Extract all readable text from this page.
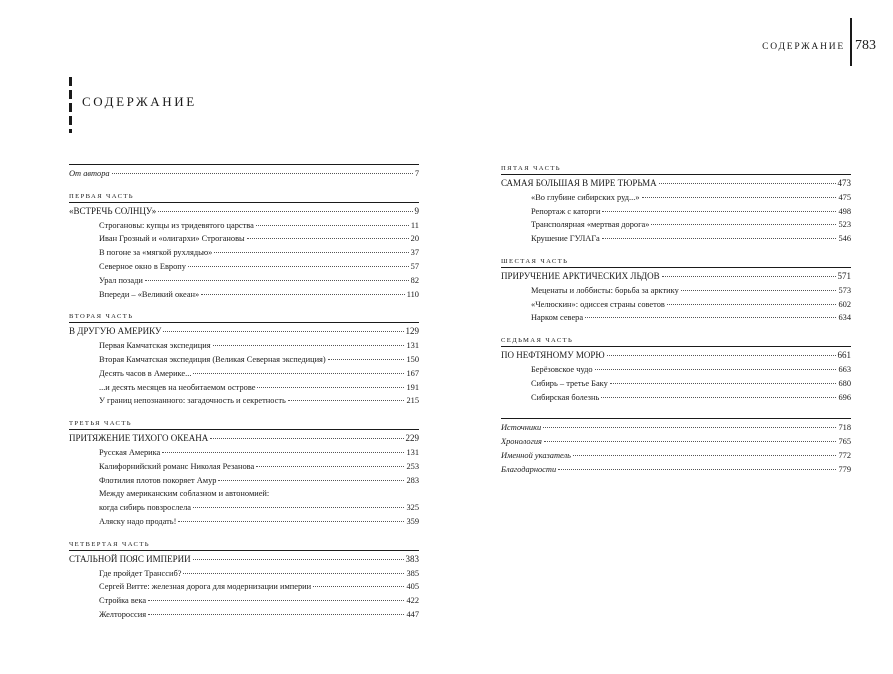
СОДЕРЖАНИЕ 783
СОДЕРЖАНИЕ
От автора	7
ПЕРВАЯ ЧАСТЬ
«ВСТРЕЧЬ СОЛНЦУ»	9
Строгановы: купцы из тридевятого царства	11
Иван Грозный и «олигархи» Строгановы	20
В погоне за «мягкой рухлядью»	37
Северное окно в Европу	57
Урал позади	82
Впереди – «Великий океан»	110
ВТОРАЯ ЧАСТЬ
В ДРУГУЮ АМЕРИКУ	129
Первая Камчатская экспедиция	131
Вторая Камчатская экспедиция (Великая Северная экспедиция)	150
Десять часов в Америке...	167
...и десять месяцев на необитаемом острове	191
У границ непознанного: загадочность и секретность	215
ТРЕТЬЯ ЧАСТЬ
ПРИТЯЖЕНИЕ ТИХОГО ОКЕАНА	229
Русская Америка	131
Калифорнийский романс Николая Резанова	253
Флотилия плотов покоряет Амур	283
Между американским соблазном и автономией:
когда сибирь повзрослела	325
Аляску надо продать!	359
ЧЕТВЕРТАЯ ЧАСТЬ
СТАЛЬНОЙ ПОЯС ИМПЕРИИ	383
Где пройдет Транссиб?	385
Сергей Витте: железная дорога для модернизации империи	405
Стройка века	422
Желтороссия	447
ПЯТАЯ ЧАСТЬ
САМАЯ БОЛЬШАЯ В МИРЕ ТЮРЬМА	473
«Во глубине сибирских руд...»	475
Репортаж с каторги	498
Трансполярная «мертвая дорога»	523
Крушение ГУЛАГа	546
ШЕСТАЯ ЧАСТЬ
ПРИРУЧЕНИЕ АРКТИЧЕСКИХ ЛЬДОВ	571
Меценаты и лоббисты: борьба за арктику	573
«Челюскин»: одиссея страны советов	602
Нарком севера	634
СЕДЬМАЯ ЧАСТЬ
ПО НЕФТЯНОМУ МОРЮ	661
Берёзовское чудо	663
Сибирь – третье Баку	680
Сибирская болезнь	696
Источники	718
Хронология	765
Именной указатель	772
Благодарности	779
